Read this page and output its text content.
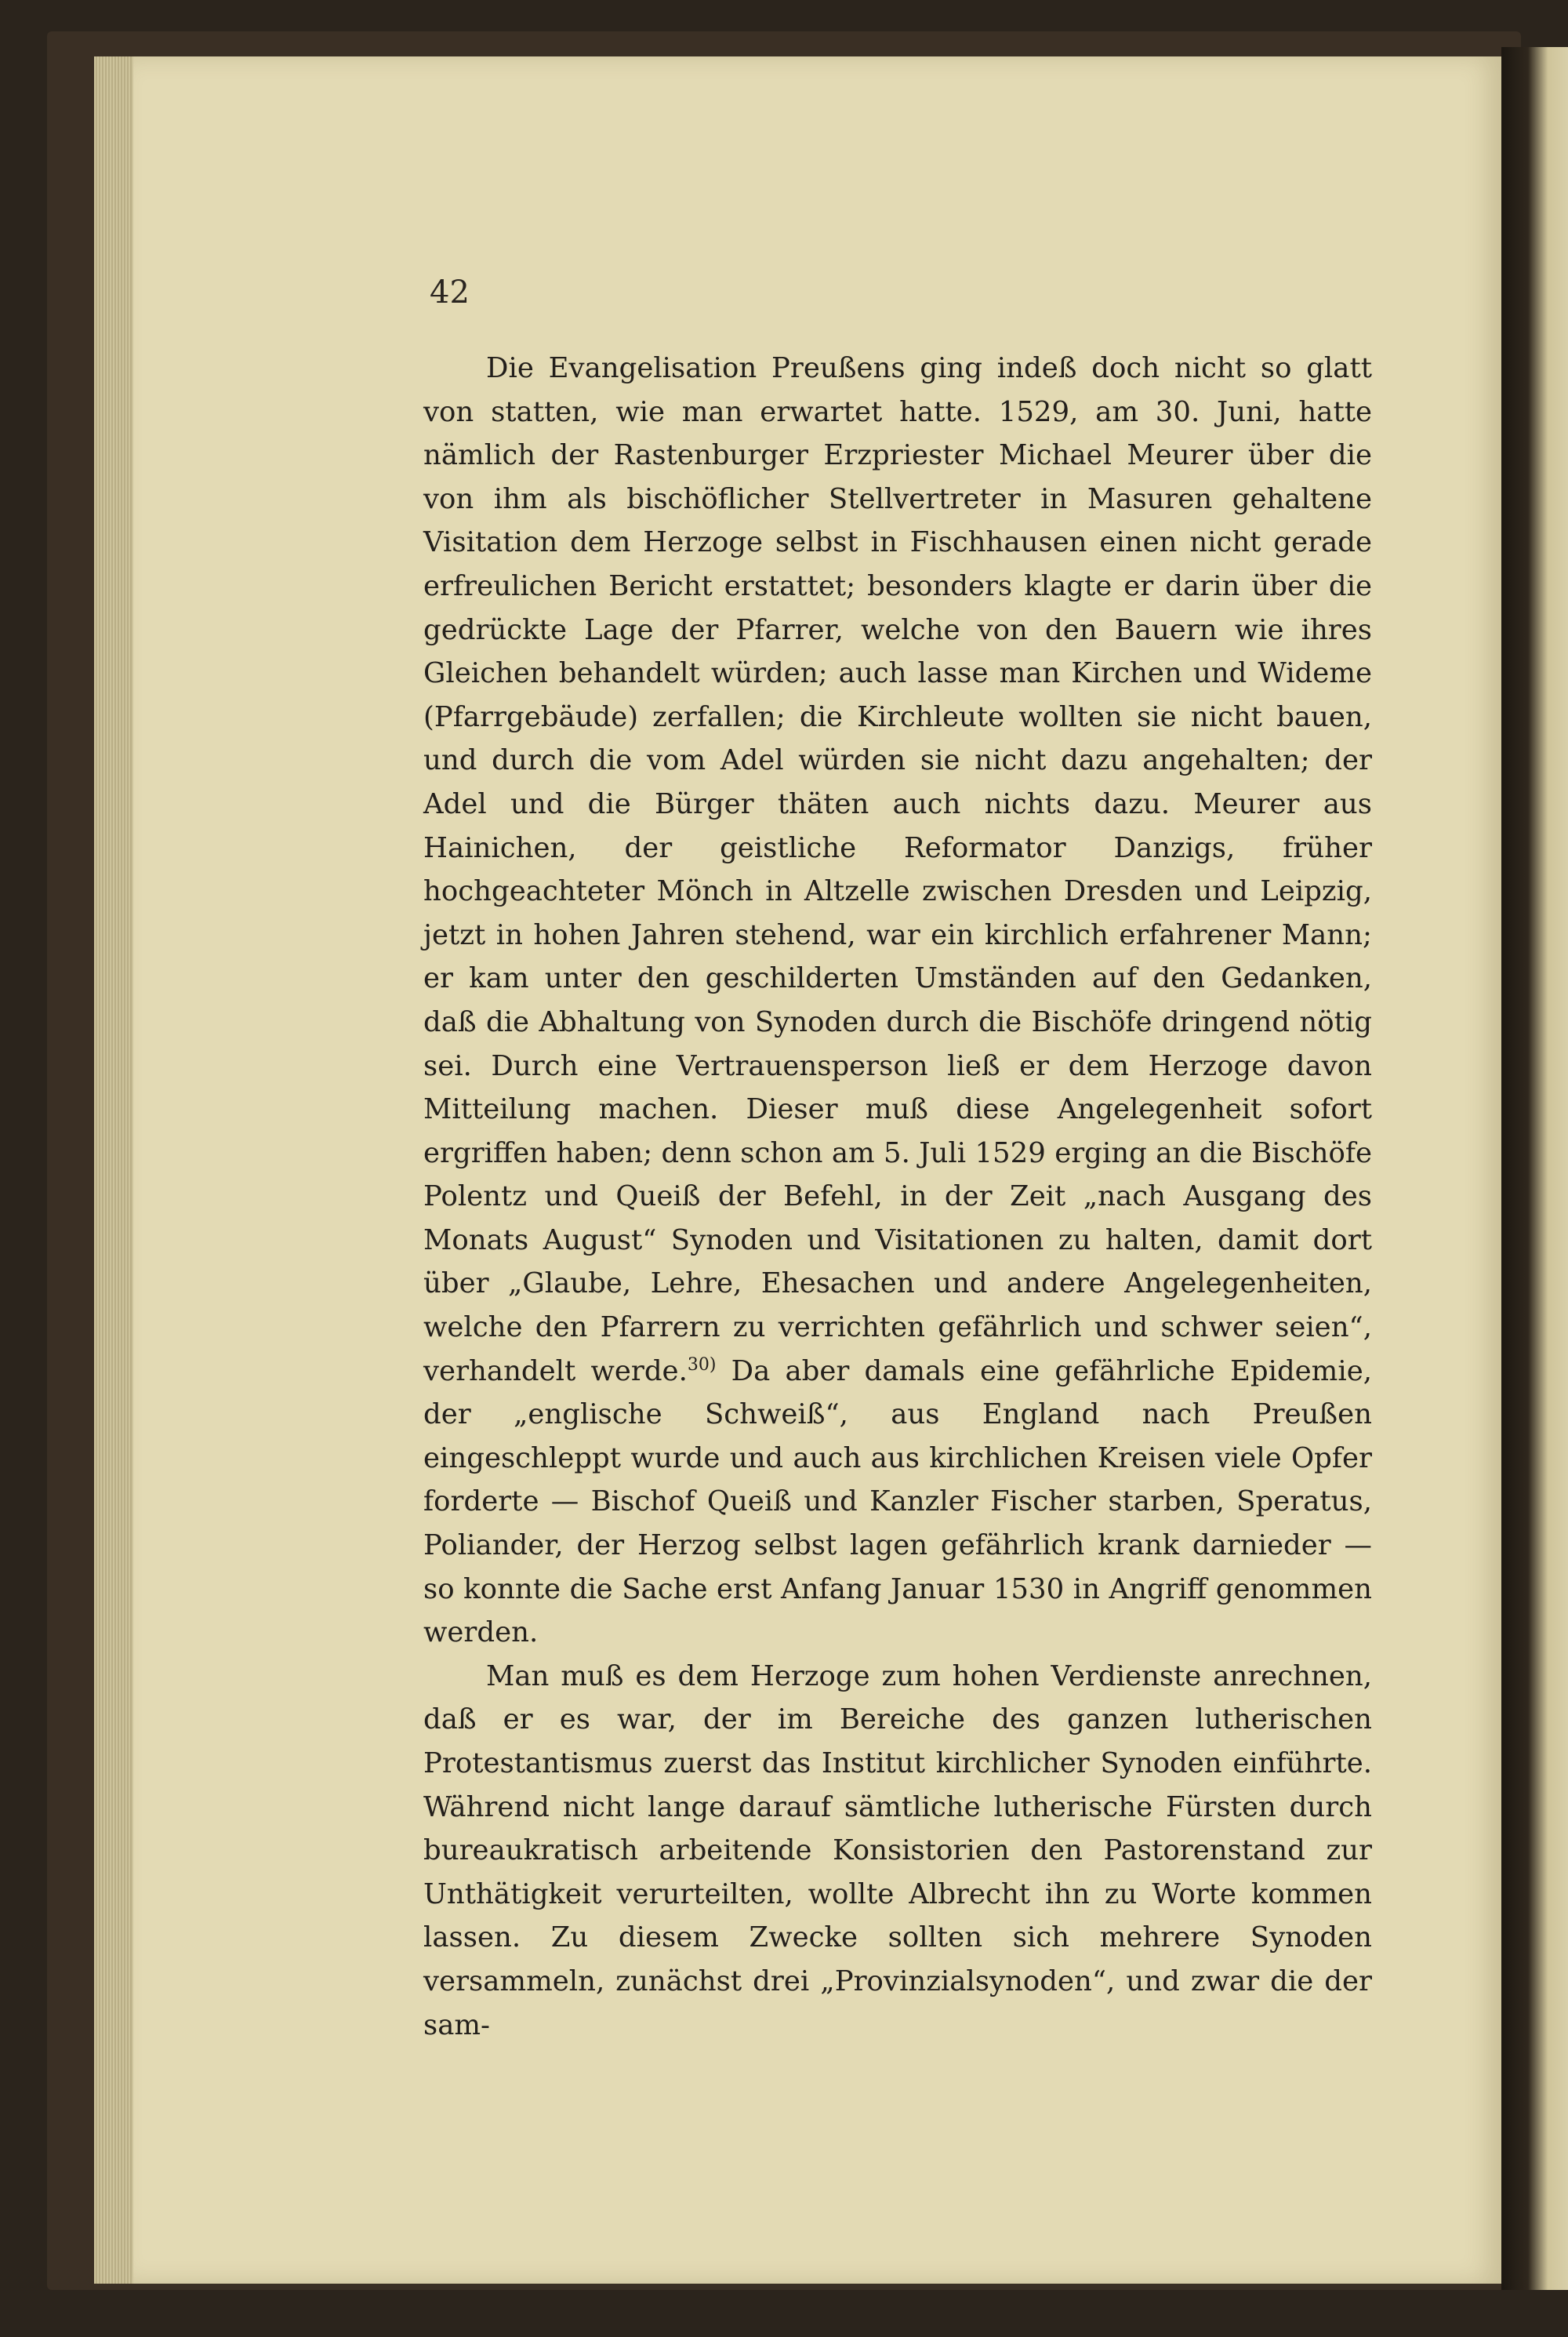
42

Die Evangelisation Preußens ging indeß doch nicht so glatt von statten, wie man erwartet hatte. 1529, am 30. Juni, hatte nämlich der Rastenburger Erzpriester Michael Meurer über die von ihm als bischöflicher Stellvertreter in Masuren gehaltene Visitation dem Herzoge selbst in Fischhausen einen nicht gerade erfreulichen Bericht erstattet; besonders klagte er darin über die gedrückte Lage der Pfarrer, welche von den Bauern wie ihres Gleichen behandelt würden; auch lasse man Kirchen und Wideme (Pfarrgebäude) zerfallen; die Kirchleute wollten sie nicht bauen, und durch die vom Adel würden sie nicht dazu angehalten; der Adel und die Bürger thäten auch nichts dazu. Meurer aus Hainichen, der geistliche Reformator Danzigs, früher hochgeachteter Mönch in Altzelle zwischen Dresden und Leipzig, jetzt in hohen Jahren stehend, war ein kirchlich erfahrener Mann; er kam unter den geschilderten Umständen auf den Gedanken, daß die Abhaltung von Synoden durch die Bischöfe dringend nötig sei. Durch eine Vertrauensperson ließ er dem Herzoge davon Mitteilung machen. Dieser muß diese Angelegenheit sofort ergriffen haben; denn schon am 5. Juli 1529 erging an die Bischöfe Polentz und Queiß der Befehl, in der Zeit „nach Ausgang des Monats August“ Synoden und Visitationen zu halten, damit dort über „Glaube, Lehre, Ehesachen und andere Angelegenheiten, welche den Pfarrern zu verrichten gefährlich und schwer seien“, verhandelt werde.$^{30)}$ Da aber damals eine gefährliche Epidemie, der „englische Schweiß“, aus England nach Preußen eingeschleppt wurde und auch aus kirchlichen Kreisen viele Opfer forderte — Bischof Queiß und Kanzler Fischer starben, Speratus, Poliander, der Herzog selbst lagen gefährlich krank darnieder — so konnte die Sache erst Anfang Januar 1530 in Angriff genommen werden.

Man muß es dem Herzoge zum hohen Verdienste anrechnen, daß er es war, der im Bereiche des ganzen lutherischen Protestantismus zuerst das Institut kirchlicher Synoden einführte. Während nicht lange darauf sämtliche lutherische Fürsten durch bureaukratisch arbeitende Konsistorien den Pastorenstand zur Unthätigkeit verurteilten, wollte Albrecht ihn zu Worte kommen lassen. Zu diesem Zwecke sollten sich mehrere Synoden versammeln, zunächst drei „Provinzialsynoden“, und zwar die der sam-
